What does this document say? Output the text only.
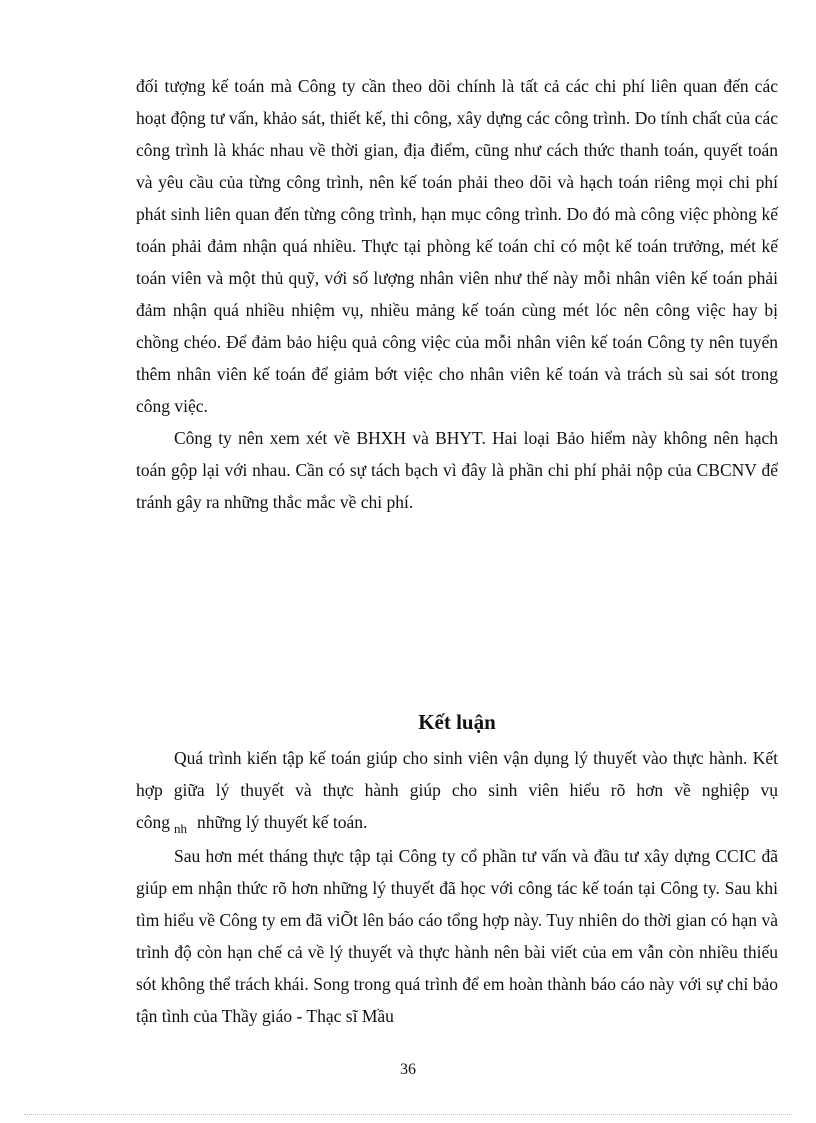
đối tượng kế toán mà Công ty cần theo dõi chính là tất cả các chi phí liên quan đến các hoạt động tư vấn, khảo sát, thiết kế, thi công, xây dựng các công trình. Do tính chất của các công trình là khác nhau về thời gian, địa điểm, cũng như cách thức thanh toán, quyết toán và yêu cầu của từng công trình, nên kế toán phải theo dõi và hạch toán riêng mọi chi phí phát sinh liên quan đến từng công trình, hạn mục công trình. Do đó mà công việc phòng kế toán phải đảm nhận quá nhiều. Thực tại phòng kế toán chỉ có một kế toán trưởng, mét kế toán viên và một thủ quỹ, với số lượng nhân viên như thế này mỗi nhân viên kế toán phải đảm nhận quá nhiều nhiệm vụ, nhiều mảng kế toán cùng mét lóc nên công việc hay bị chồng chéo. Để đảm bảo hiệu quả công việc của mỗi nhân viên kế toán Công ty nên tuyển thêm nhân viên kế toán để giảm bớt việc cho nhân viên kế toán và trách sù sai sót trong công việc.

Công ty nên xem xét về BHXH và BHYT. Hai loại Bảo hiểm này không nên hạch toán gộp lại với nhau. Cần có sự tách bạch vì đây là phần chi phí phải nộp của CBCNV để tránh gây ra những thắc mắc về chi phí.

Kết luận

Quá trình kiến tập kế toán giúp cho sinh viên vận dụng lý thuyết vào thực hành. Kết hợp giữa lý thuyết và thực hành giúp cho sinh viên hiểu rõ hơn về nghiệp vụ công $_{nh}$ những lý thuyết kế toán.

Sau hơn mét tháng thực tập tại Công ty cổ phần tư vấn và đầu tư xây dựng CCIC đã giúp em nhận thức rõ hơn những lý thuyết đã học với công tác kế toán tại Công ty. Sau khi tìm hiểu về Công ty em đã viÕt lên báo cáo tổng hợp này. Tuy nhiên do thời gian có hạn và trình độ còn hạn chế cả về lý thuyết và thực hành nên bài viết của em vẫn còn nhiều thiếu sót không thể trách khái. Song trong quá trình để em hoàn thành báo cáo này với sự chỉ bảo tận tình của Thầy giáo - Thạc sĩ Mầu

36
